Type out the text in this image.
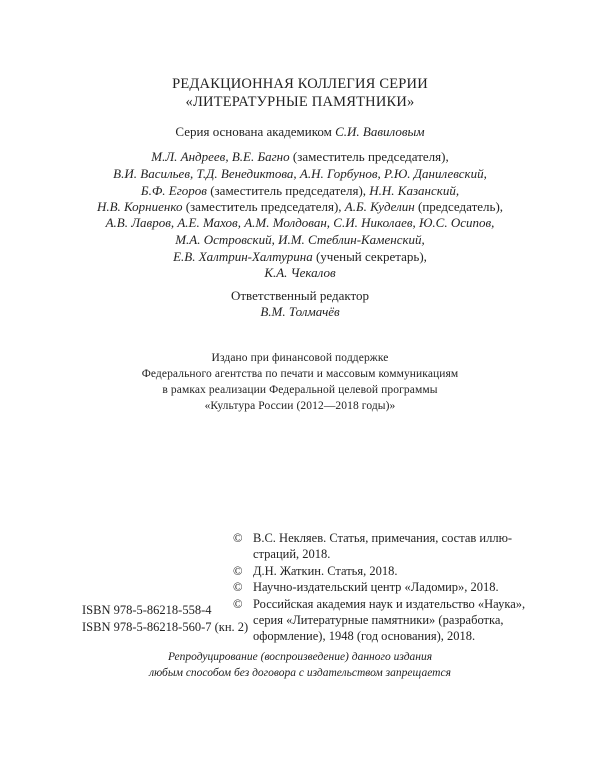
РЕДАКЦИОННАЯ КОЛЛЕГИЯ СЕРИИ
«ЛИТЕРАТУРНЫЕ ПАМЯТНИКИ»
Серия основана академиком С.И. Вавиловым
М.Л. Андреев, В.Е. Багно (заместитель председателя),
В.И. Васильев, Т.Д. Венедиктова, А.Н. Горбунов, Р.Ю. Данилевский,
Б.Ф. Егоров (заместитель председателя), Н.Н. Казанский,
Н.В. Корниенко (заместитель председателя), А.Б. Куделин (председатель),
А.В. Лавров, А.Е. Махов, А.М. Молдован, С.И. Николаев, Ю.С. Осипов,
М.А. Островский, И.М. Стеблин-Каменский,
Е.В. Халтрин-Халтурина (ученый секретарь),
К.А. Чекалов
Ответственный редактор
В.М. Толмачёв
Издано при финансовой поддержке
Федерального агентства по печати и массовым коммуникациям
в рамках реализации Федеральной целевой программы
«Культура России (2012—2018 годы)»
© В.С. Некляев. Статья, примечания, состав иллю-
страций, 2018.
© Д.Н. Жаткин. Статья, 2018.
© Научно-издательский центр «Ладомир», 2018.
© Российская академия наук и издательство «Наука»,
серия «Литературные памятники» (разработка,
оформление), 1948 (год основания), 2018.
ISBN 978-5-86218-558-4
ISBN 978-5-86218-560-7 (кн. 2)
Репродуцирование (воспроизведение) данного издания
любым способом без договора с издательством запрещается
